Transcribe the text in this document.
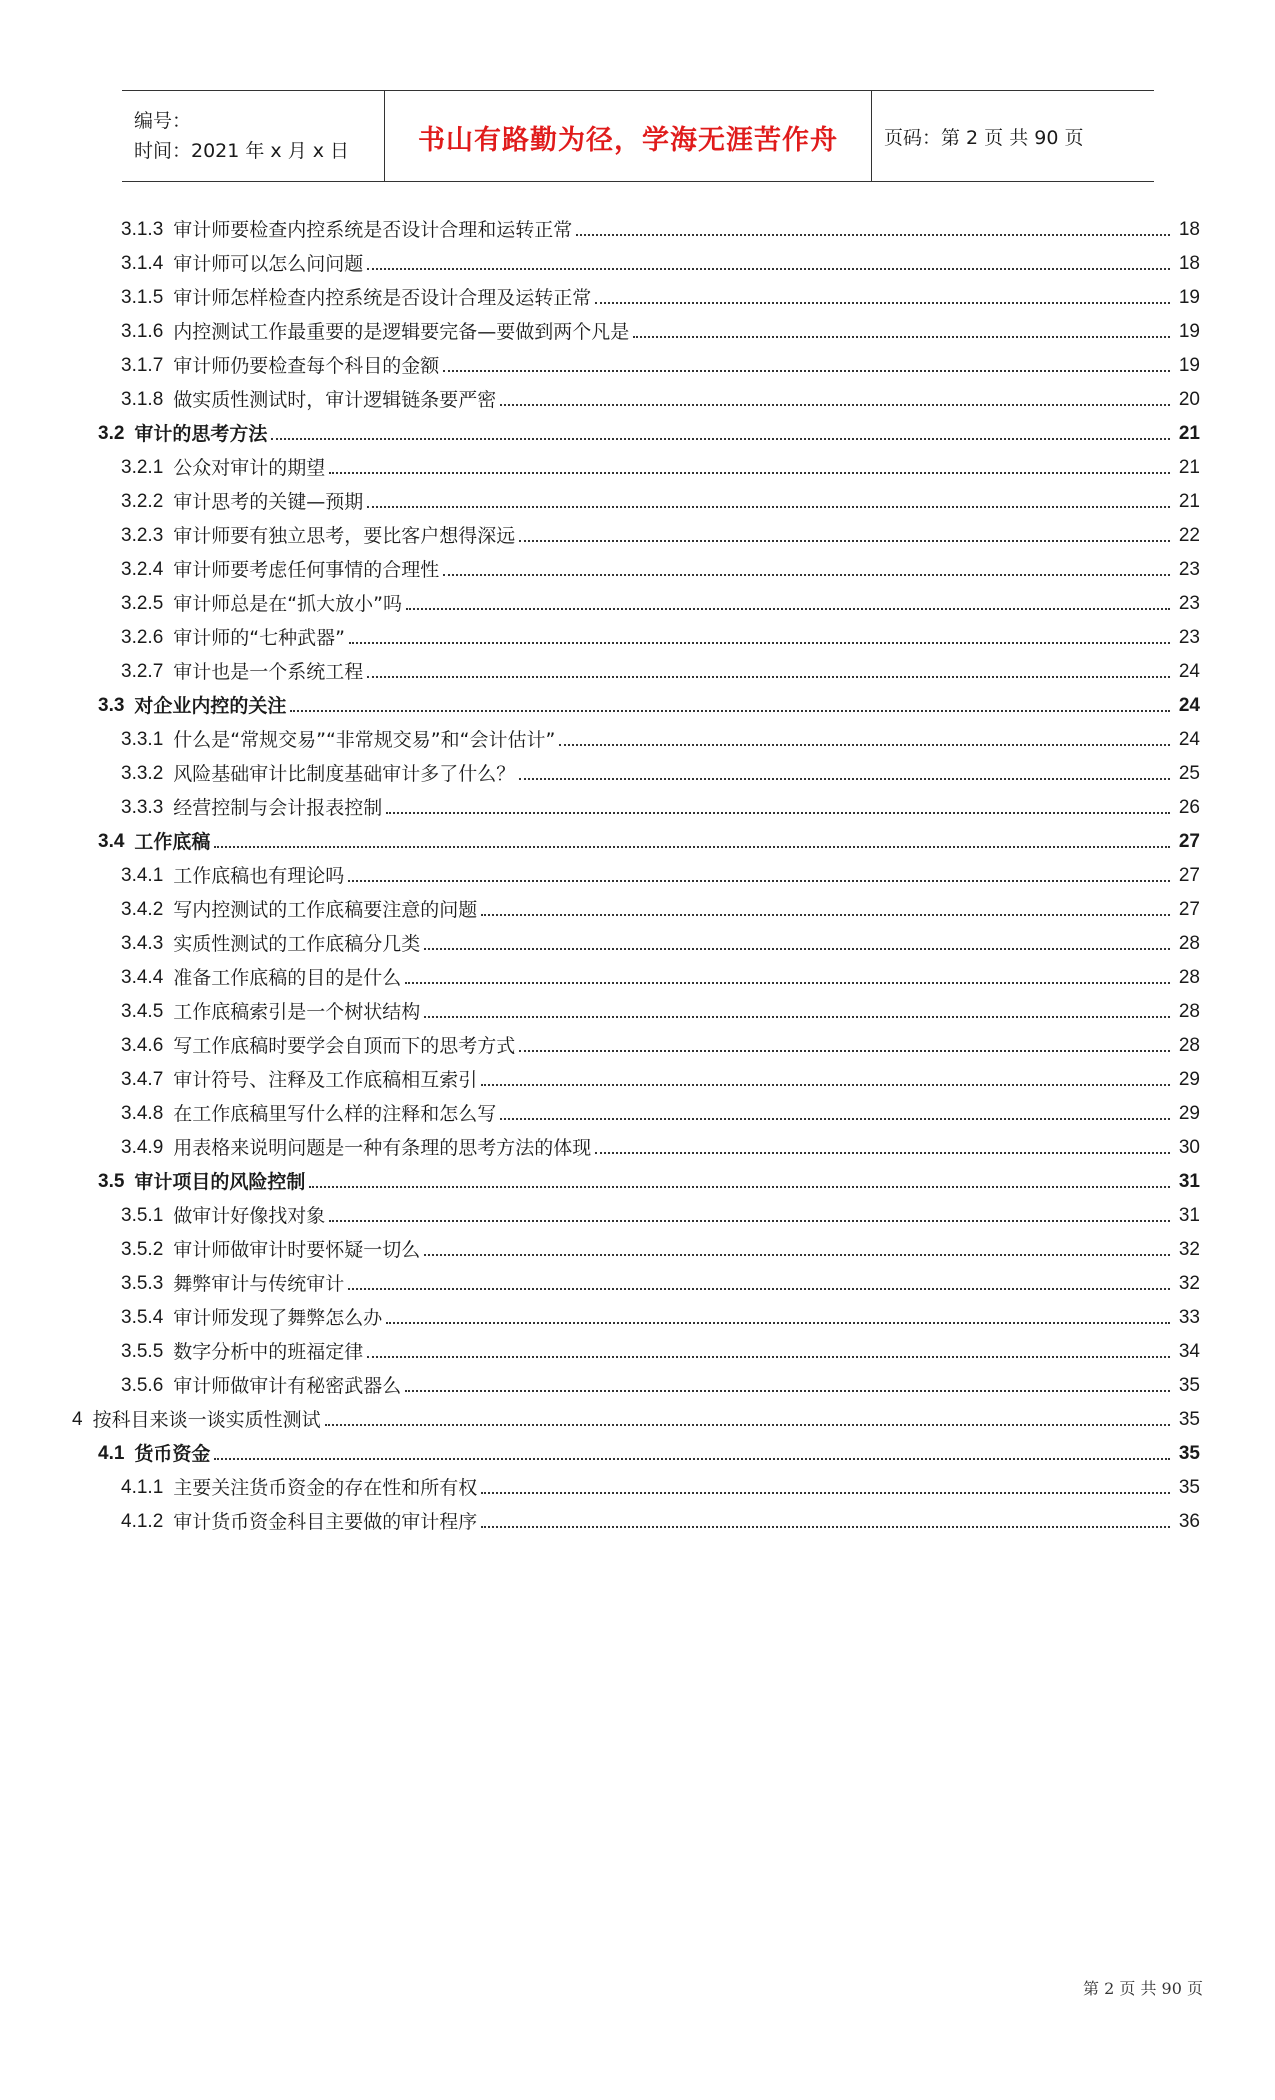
编号：
时间：2021 年 x 月 x 日	书山有路勤为径，学海无涯苦作舟 页码：第 2 页 共 90 页
3.1.3 审计师要检查内控系统是否设计合理和运转正常	18
3.1.4 审计师可以怎么问问题	18
3.1.5 审计师怎样检查内控系统是否设计合理及运转正常	19
3.1.6 内控测试工作最重要的是逻辑要完备—要做到两个凡是	19
3.1.7 审计师仍要检查每个科目的金额	19
3.1.8 做实质性测试时，审计逻辑链条要严密	20
3.2 审计的思考方法	21
3.2.1 公众对审计的期望	21
3.2.2 审计思考的关键—预期	21
3.2.3 审计师要有独立思考，要比客户想得深远	22
3.2.4 审计师要考虑任何事情的合理性	23
3.2.5 审计师总是在“抓大放小”吗	23
3.2.6 审计师的“七种武器”	23
3.2.7 审计也是一个系统工程	24
3.3 对企业内控的关注	24
3.3.1 什么是“常规交易”“非常规交易”和“会计估计”	24
3.3.2 风险基础审计比制度基础审计多了什么？	25
3.3.3 经营控制与会计报表控制	26
3.4 工作底稿	27
3.4.1 工作底稿也有理论吗	27
3.4.2 写内控测试的工作底稿要注意的问题	27
3.4.3 实质性测试的工作底稿分几类	28
3.4.4 准备工作底稿的目的是什么	28
3.4.5 工作底稿索引是一个树状结构	28
3.4.6 写工作底稿时要学会自顶而下的思考方式	28
3.4.7 审计符号、注释及工作底稿相互索引	29
3.4.8 在工作底稿里写什么样的注释和怎么写	29
3.4.9 用表格来说明问题是一种有条理的思考方法的体现	30
3.5 审计项目的风险控制	31
3.5.1 做审计好像找对象	31
3.5.2 审计师做审计时要怀疑一切么	32
3.5.3 舞弊审计与传统审计	32
3.5.4 审计师发现了舞弊怎么办	33
3.5.5 数字分析中的班福定律	34
3.5.6 审计师做审计有秘密武器么	35
4 按科目来谈一谈实质性测试	35
4.1 货币资金	35
4.1.1 主要关注货币资金的存在性和所有权	35
4.1.2 审计货币资金科目主要做的审计程序	36
第 2 页 共 90 页
